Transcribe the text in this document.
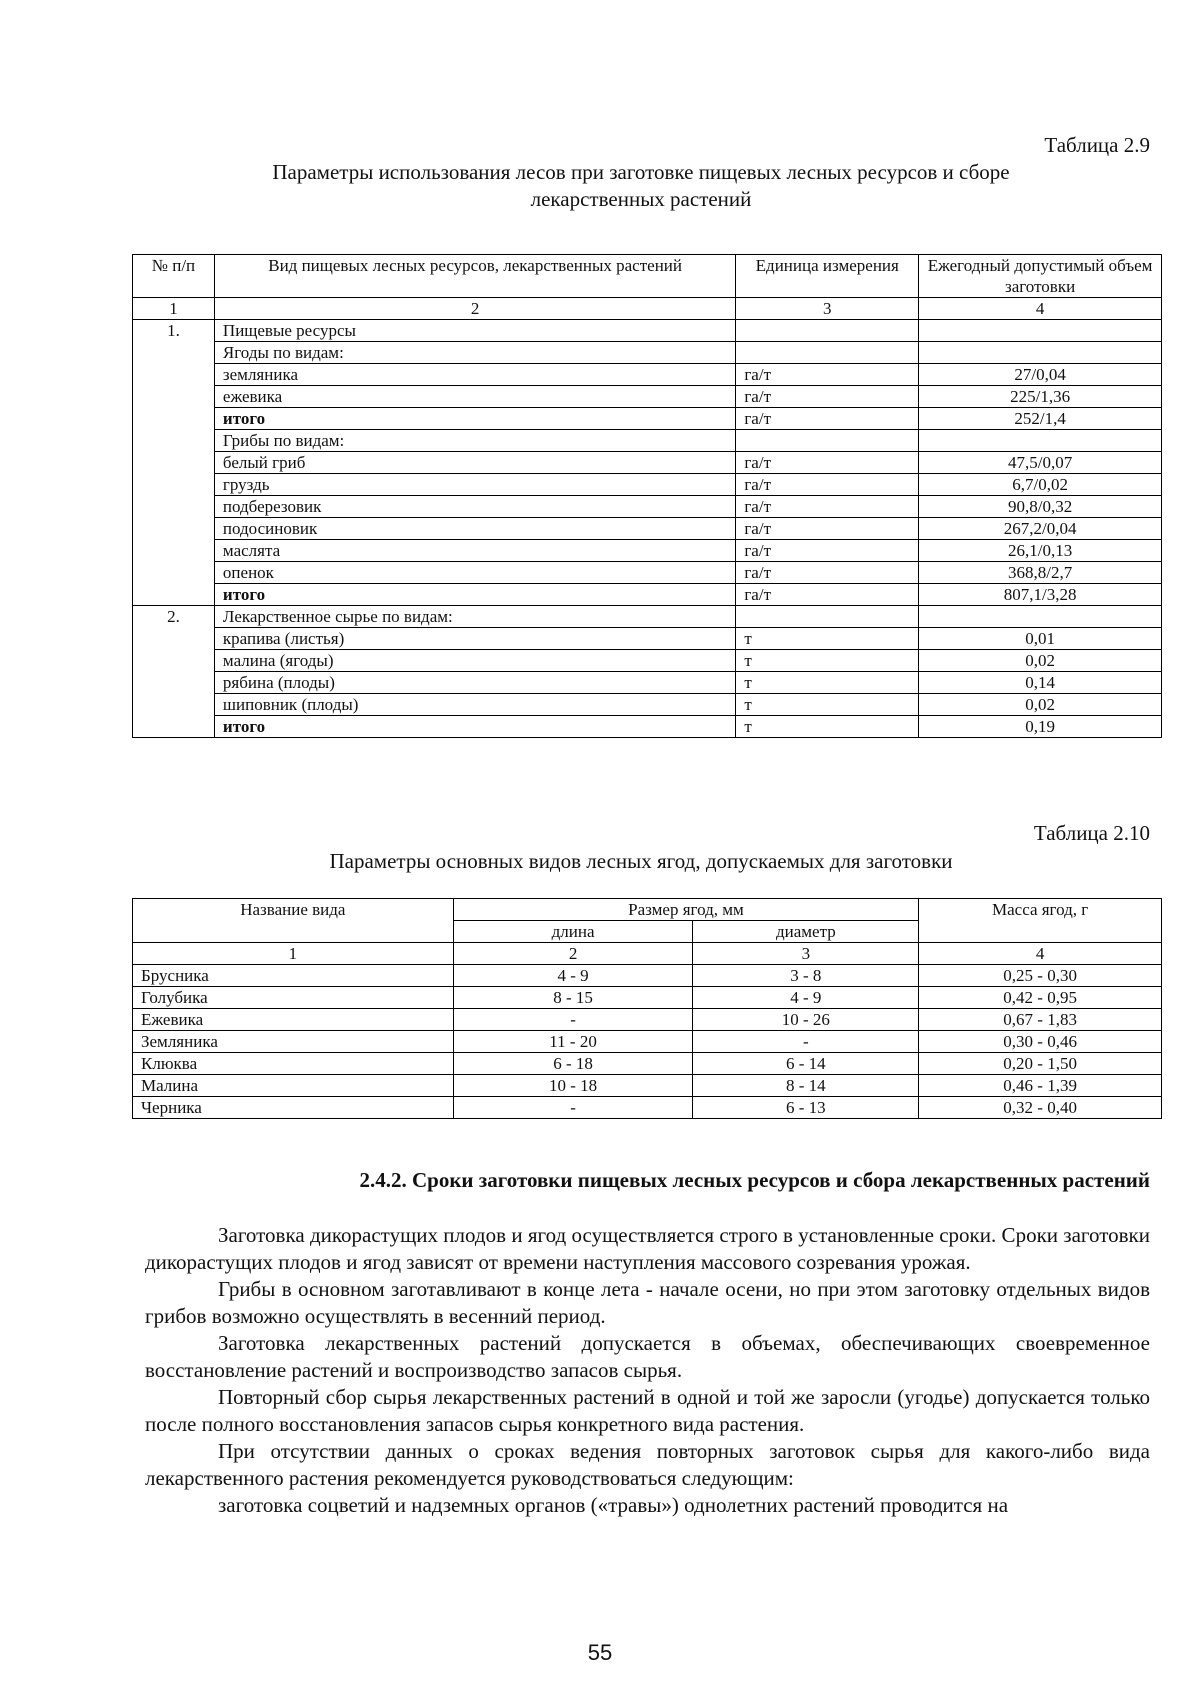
Таблица 2.9
Параметры использования лесов при заготовке пищевых лесных ресурсов и сборе
лекарственных растений
№ п/п	Вид пищевых лесных ресурсов, лекарственных растений	Единица измерения	Ежегодный допустимый объем заготовки
1	2	3	4
1.	Пищевые ресурсы		
	Ягоды по видам:		
	земляника	га/т	27/0,04
	ежевика	га/т	225/1,36
	итого	га/т	252/1,4
	Грибы по видам:		
	белый гриб	га/т	47,5/0,07
	груздь	га/т	6,7/0,02
	подберезовик	га/т	90,8/0,32
	подосиновик	га/т	267,2/0,04
	маслята	га/т	26,1/0,13
	опенок	га/т	368,8/2,7
	итого	га/т	807,1/3,28
2.	Лекарственное сырье по видам:		
	крапива (листья)	т	0,01
	малина (ягоды)	т	0,02
	рябина (плоды)	т	0,14
	шиповник (плоды)	т	0,02
	итого	т	0,19
Таблица 2.10
Параметры основных видов лесных ягод, допускаемых для заготовки
Название вида	Размер ягод, мм		Масса ягод, г
	длина	диаметр	
1	2	3	4
Брусника	4 - 9	3 - 8	0,25 - 0,30
Голубика	8 - 15	4 - 9	0,42 - 0,95
Ежевика	-	10 - 26	0,67 - 1,83
Земляника	11 - 20	-	0,30 - 0,46
Клюква	6 - 18	6 - 14	0,20 - 1,50
Малина	10 - 18	8 - 14	0,46 - 1,39
Черника	-	6 - 13	0,32 - 0,40
2.4.2. Сроки заготовки пищевых лесных ресурсов и сбора лекарственных растений

Заготовка дикорастущих плодов и ягод осуществляется строго в установленные сроки. Сроки заготовки дикорастущих плодов и ягод зависят от времени наступления массового созревания урожая.

Грибы в основном заготавливают в конце лета - начале осени, но при этом заготовку отдельных видов грибов возможно осуществлять в весенний период.

Заготовка лекарственных растений допускается в объемах, обеспечивающих своевременное восстановление растений и воспроизводство запасов сырья.

Повторный сбор сырья лекарственных растений в одной и той же заросли (угодье) допускается только после полного восстановления запасов сырья конкретного вида растения.

При отсутствии данных о сроках ведения повторных заготовок сырья для какого-либо вида лекарственного растения рекомендуется руководствоваться следующим:

заготовка соцветий и надземных органов («травы») однолетних растений проводится на

55
